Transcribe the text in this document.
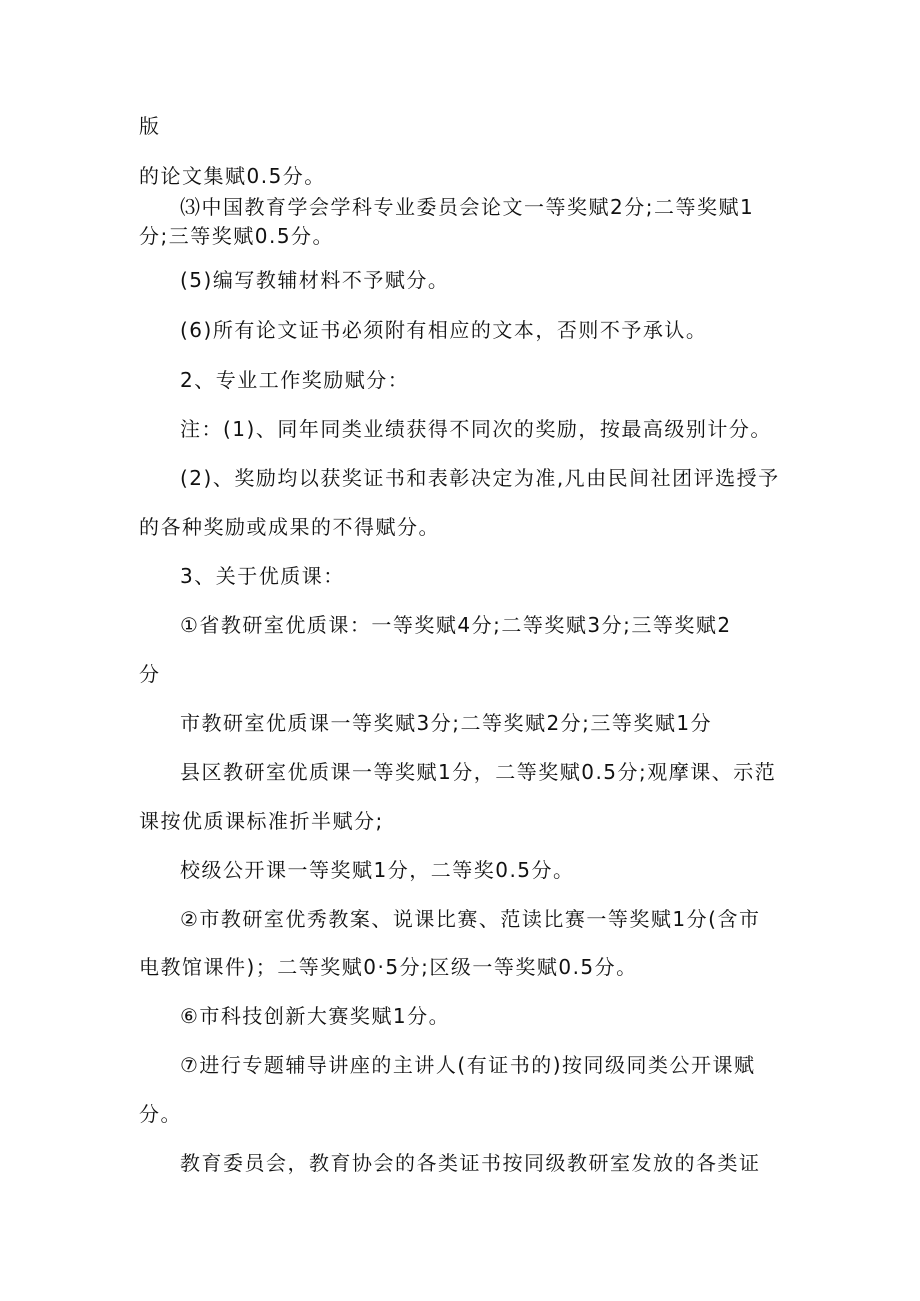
版
的论文集赋0.5分。
⑶中国教育学会学科专业委员会论文一等奖赋2分;二等奖赋1
分;三等奖赋0.5分。
(5)编写教辅材料不予赋分。
(6)所有论文证书必须附有相应的文本，否则不予承认。
2、专业工作奖励赋分：
注：(1)、同年同类业绩获得不同次的奖励，按最高级别计分。
(2)、奖励均以获奖证书和表彰决定为准,凡由民间社团评选授予
的各种奖励或成果的不得赋分。
3、关于优质课：
①省教研室优质课：一等奖赋4分;二等奖赋3分;三等奖赋2
分
市教研室优质课一等奖赋3分;二等奖赋2分;三等奖赋1分
县区教研室优质课一等奖赋1分，二等奖赋0.5分;观摩课、示范
课按优质课标准折半赋分;
校级公开课一等奖赋1分，二等奖0.5分。
②市教研室优秀教案、说课比赛、范读比赛一等奖赋1分(含市
电教馆课件)；二等奖赋0·5分;区级一等奖赋0.5分。
⑥市科技创新大赛奖赋1分。
⑦进行专题辅导讲座的主讲人(有证书的)按同级同类公开课赋
分。
教育委员会，教育协会的各类证书按同级教研室发放的各类证
